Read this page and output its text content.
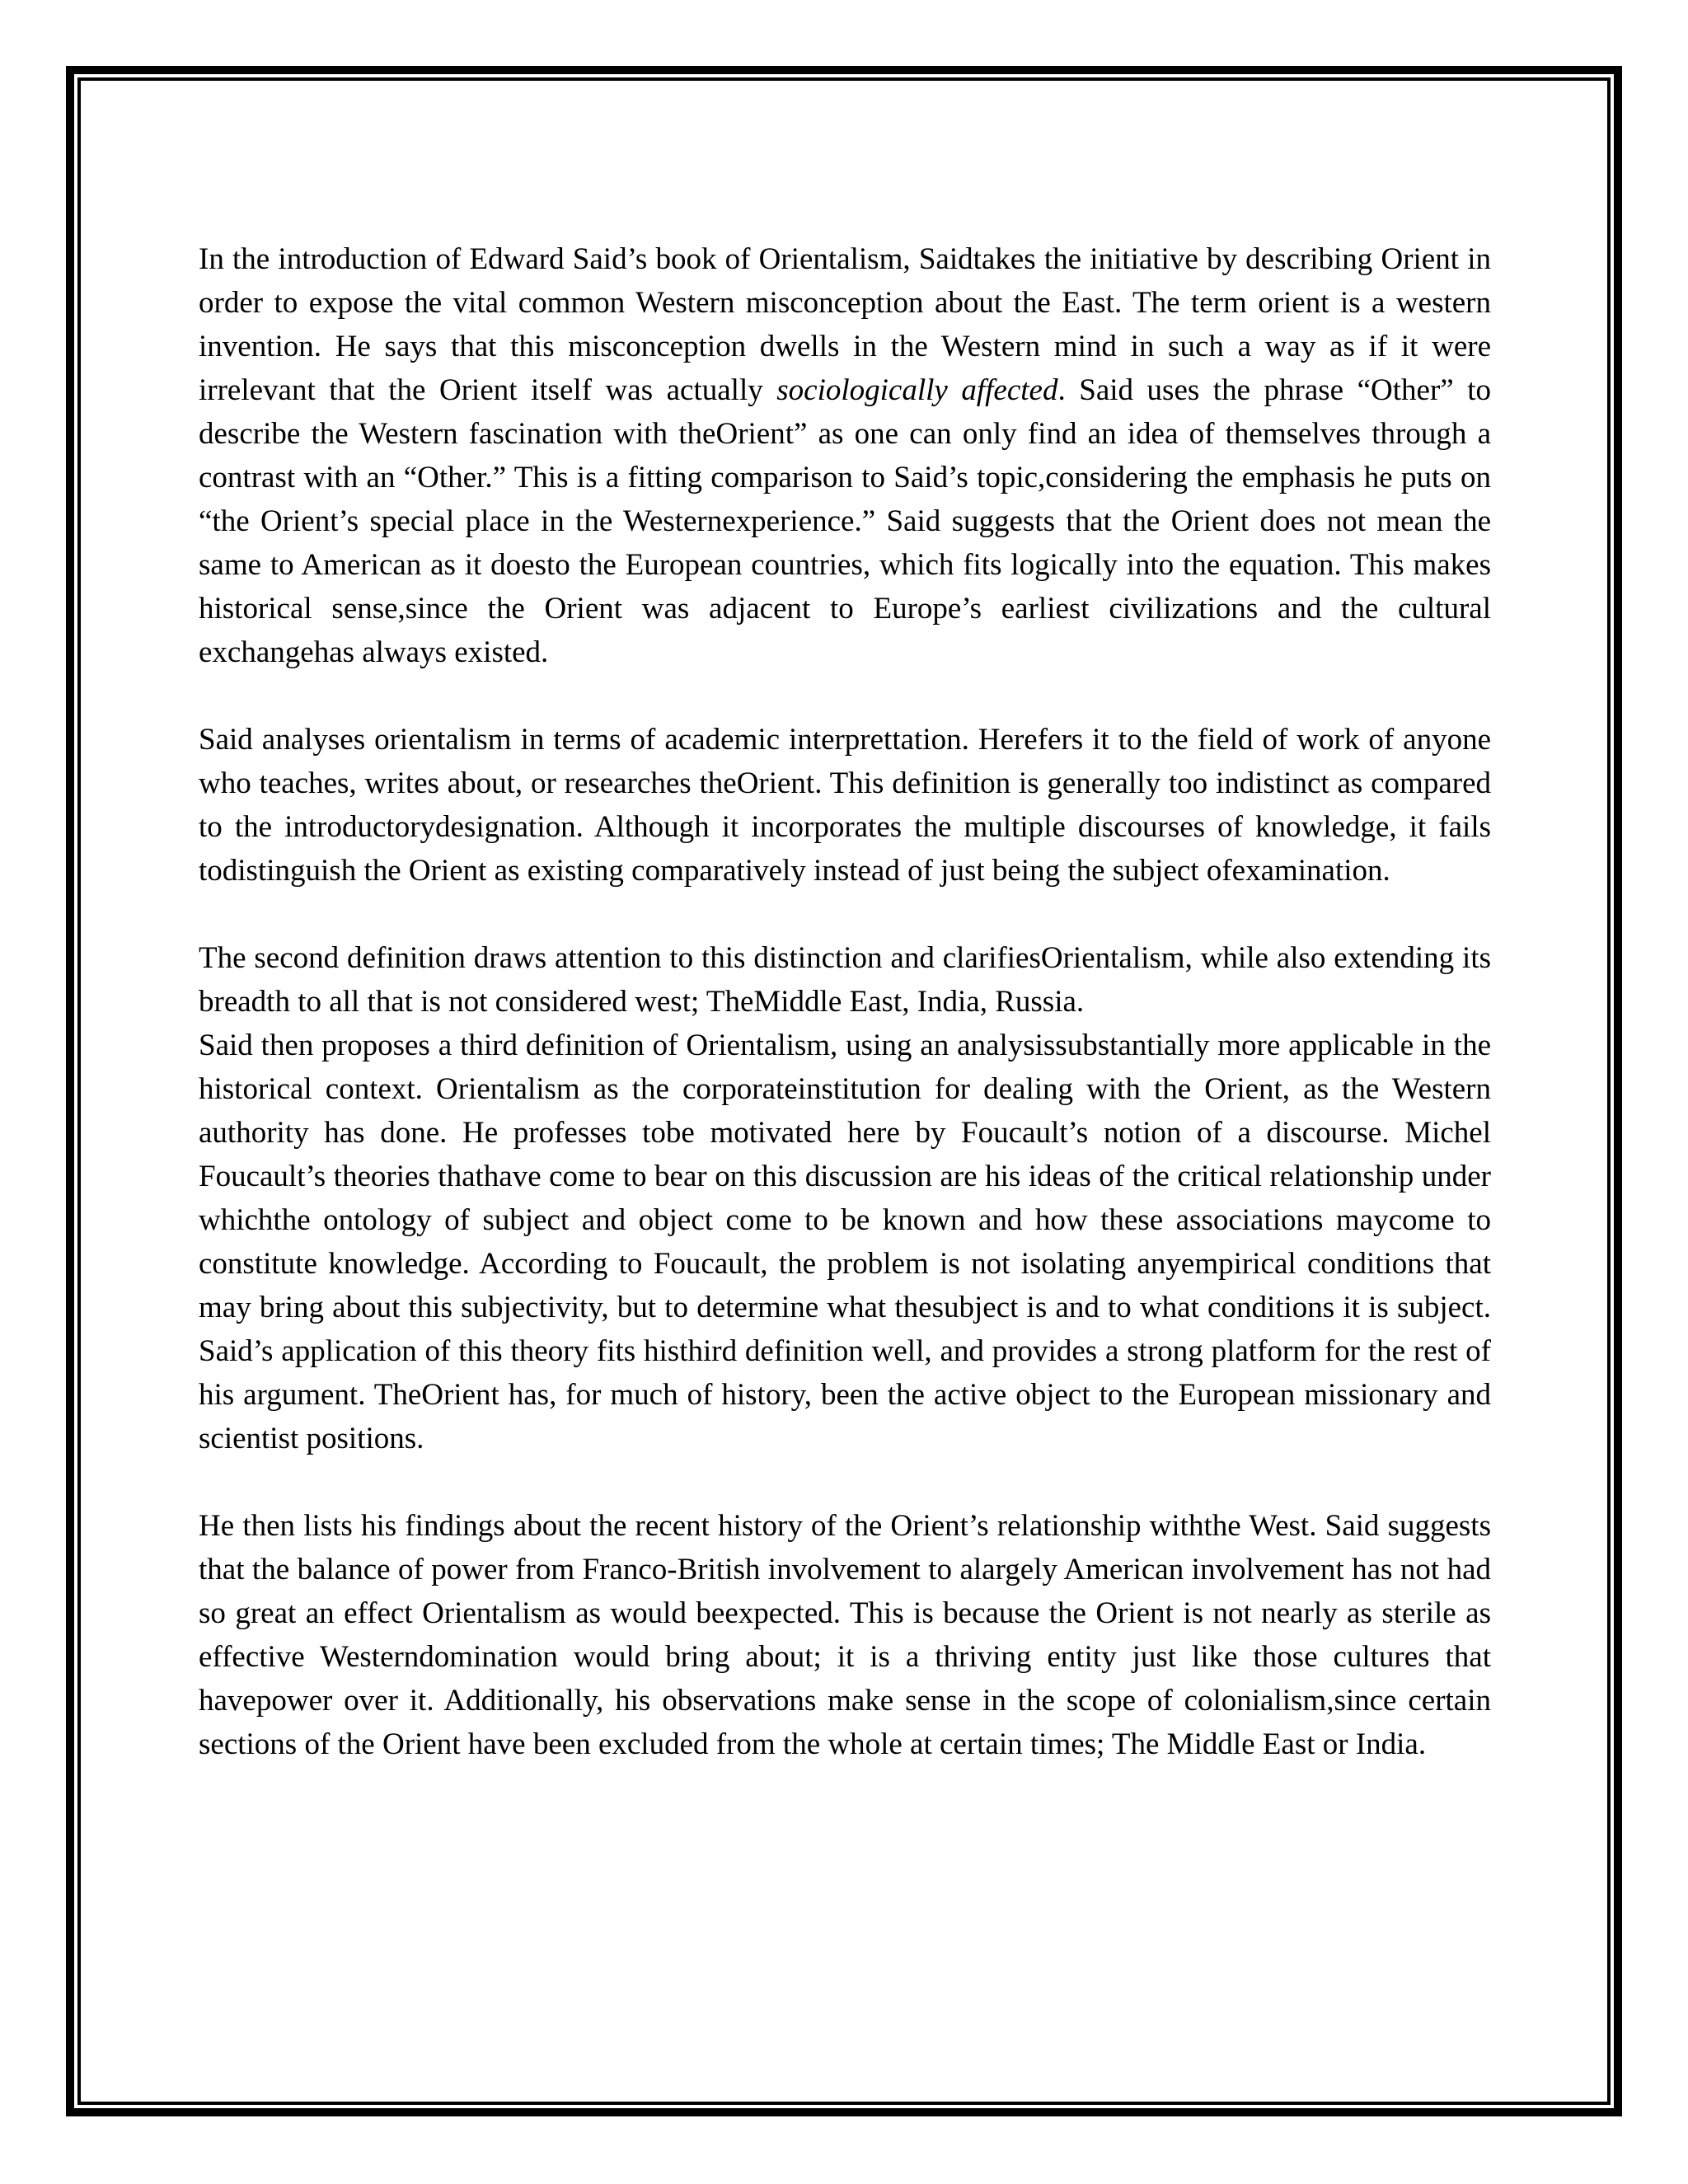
In the introduction of Edward Said’s book of Orientalism, Saidtakes the initiative by describing Orient in order to expose the vital common Western misconception about the East. The term orient is a western invention. He says that this misconception dwells in the Western mind in such a way as if it were irrelevant that the Orient itself was actually sociologically affected. Said uses the phrase “Other” to describe the Western fascination with theOrient” as one can only find an idea of themselves through a contrast with an “Other.” This is a fitting comparison to Said’s topic,considering the emphasis he puts on “the Orient’s special place in the Westernexperience.” Said suggests that the Orient does not mean the same to American as it doesto the European countries, which fits logically into the equation. This makes historical sense,since the Orient was adjacent to Europe’s earliest civilizations and the cultural exchangehas always existed.

Said analyses orientalism in terms of academic interprettation. Herefers it to the field of work of anyone who teaches, writes about, or researches theOrient. This definition is generally too indistinct as compared to the introductorydesignation. Although it incorporates the multiple discourses of knowledge, it fails todistinguish the Orient as existing comparatively instead of just being the subject ofexamination.

The second definition draws attention to this distinction and clarifiesOrientalism, while also extending its breadth to all that is not considered west; TheMiddle East, India, Russia.

Said then proposes a third definition of Orientalism, using an analysissubstantially more applicable in the historical context. Orientalism as the corporateinstitution for dealing with the Orient, as the Western authority has done. He professes tobe motivated here by Foucault’s notion of a discourse. Michel Foucault’s theories thathave come to bear on this discussion are his ideas of the critical relationship under whichthe ontology of subject and object come to be known and how these associations maycome to constitute knowledge. According to Foucault, the problem is not isolating anyempirical conditions that may bring about this subjectivity, but to determine what thesubject is and to what conditions it is subject. Said’s application of this theory fits histhird definition well, and provides a strong platform for the rest of his argument. TheOrient has, for much of history, been the active object to the European missionary and scientist positions.

He then lists his findings about the recent history of the Orient’s relationship withthe West. Said suggests that the balance of power from Franco-British involvement to alargely American involvement has not had so great an effect Orientalism as would beexpected. This is because the Orient is not nearly as sterile as effective Westerndomination would bring about; it is a thriving entity just like those cultures that havepower over it. Additionally, his observations make sense in the scope of colonialism,since certain sections of the Orient have been excluded from the whole at certain times; The Middle East or India.
